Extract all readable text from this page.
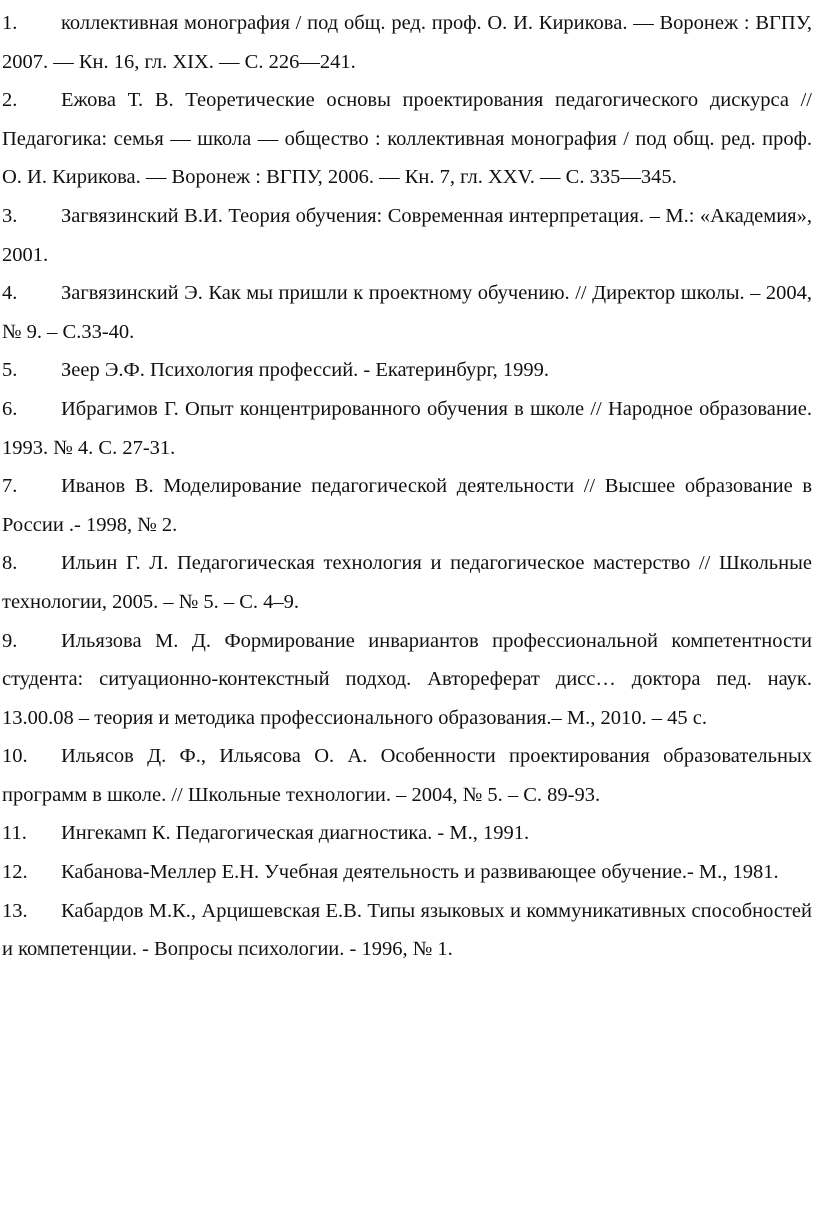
1. коллективная монография / под общ. ред. проф. О. И. Кирикова. — Воронеж : ВГПУ, 2007. — Кн. 16, гл. XIX. — С. 226—241.
2. Ежова Т. В. Теоретические основы проектирования педагогического дискурса // Педагогика: семья — школа — общество : коллективная монография / под общ. ред. проф. О. И. Кирикова. — Воронеж : ВГПУ, 2006. — Кн. 7, гл. XXV. — С. 335—345.
3. Загвязинский В.И. Теория обучения: Современная интерпретация. – М.: «Академия», 2001.
4. Загвязинский Э. Как мы пришли к проектному обучению. // Директор школы. – 2004, № 9. – С.33-40.
5. Зеер Э.Ф. Психология профессий. - Екатеринбург, 1999.
6. Ибрагимов Г. Опыт концентрированного обучения в школе // Народное образование. 1993. № 4. С. 27-31.
7. Иванов В. Моделирование педагогической деятельности // Высшее образование в России .- 1998, № 2.
8. Ильин Г. Л. Педагогическая технология и педагогическое мастерство // Школьные технологии, 2005. – № 5. – С. 4–9.
9. Ильязова М. Д. Формирование инвариантов профессиональной компетентности студента: ситуационно-контекстный подход. Автореферат дисс… доктора пед. наук. 13.00.08 – теория и методика профессионального образования.– М., 2010. – 45 с.
10. Ильясов Д. Ф., Ильясова О. А. Особенности проектирования образовательных программ в школе. // Школьные технологии. – 2004, № 5. – С. 89-93.
11. Ингекамп К. Педагогическая диагностика. - М., 1991.
12. Кабанова-Меллер Е.Н. Учебная деятельность и развивающее обучение.- М., 1981.
13. Кабардов М.К., Арцишевская Е.В. Типы языковых и коммуникативных способностей и компетенции. - Вопросы психологии. - 1996, № 1.
